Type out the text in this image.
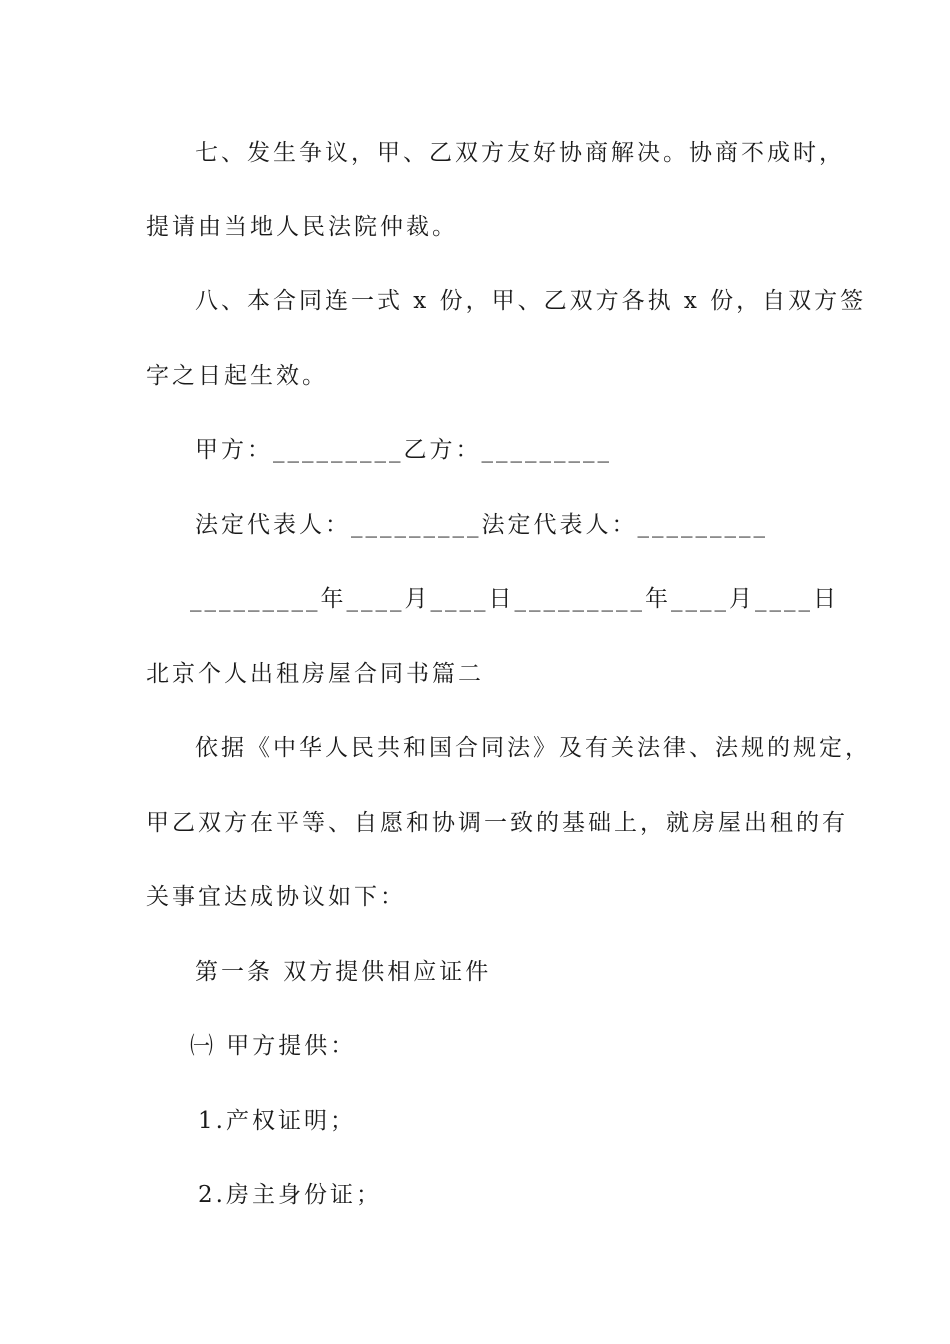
七、发生争议，甲、乙双方友好协商解决。协商不成时，
提请由当地人民法院仲裁。
八、本合同连一式 x 份，甲、乙双方各执 x 份，自双方签
字之日起生效。
甲方：_________乙方：_________
法定代表人：_________法定代表人：_________
_________年____月____日_________年____月____日
北京个人出租房屋合同书篇二
依据《中华人民共和国合同法》及有关法律、法规的规定，
甲乙双方在平等、自愿和协调一致的基础上，就房屋出租的有
关事宜达成协议如下：
第一条 双方提供相应证件
㈠ 甲方提供：
1.产权证明；
2.房主身份证；
